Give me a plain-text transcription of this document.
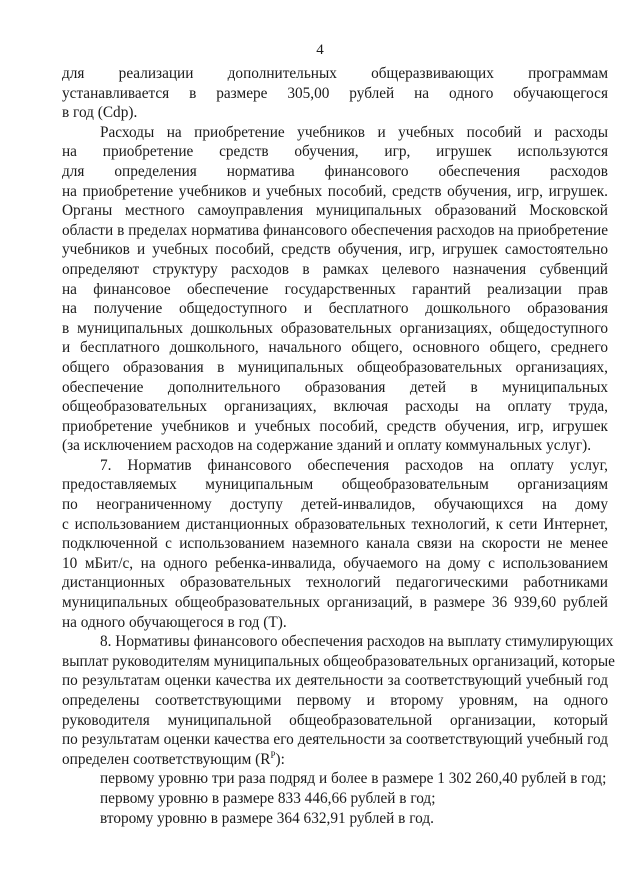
4
для реализации дополнительных общеразвивающих программам
устанавливается в размере 305,00 рублей на одного обучающегося
в год (Cdp).
Расходы на приобретение учебников и учебных пособий и расходы
на приобретение средств обучения, игр, игрушек используются
для определения норматива финансового обеспечения расходов
на приобретение учебников и учебных пособий, средств обучения, игр, игрушек.
Органы местного самоуправления муниципальных образований Московской
области в пределах норматива финансового обеспечения расходов на приобретение
учебников и учебных пособий, средств обучения, игр, игрушек самостоятельно
определяют структуру расходов в рамках целевого назначения субвенций
на финансовое обеспечение государственных гарантий реализации прав
на получение общедоступного и бесплатного дошкольного образования
в муниципальных дошкольных образовательных организациях, общедоступного
и бесплатного дошкольного, начального общего, основного общего, среднего
общего образования в муниципальных общеобразовательных организациях,
обеспечение дополнительного образования детей в муниципальных
общеобразовательных организациях, включая расходы на оплату труда,
приобретение учебников и учебных пособий, средств обучения, игр, игрушек
(за исключением расходов на содержание зданий и оплату коммунальных услуг).
7. Норматив финансового обеспечения расходов на оплату услуг,
предоставляемых муниципальным общеобразовательным организациям
по неограниченному доступу детей-инвалидов, обучающихся на дому
с использованием дистанционных образовательных технологий, к сети Интернет,
подключенной с использованием наземного канала связи на скорости не менее
10 мБит/с, на одного ребенка-инвалида, обучаемого на дому с использованием
дистанционных образовательных технологий педагогическими работниками
муниципальных общеобразовательных организаций, в размере 36 939,60 рублей
на одного обучающегося в год (Т).
8. Нормативы финансового обеспечения расходов на выплату стимулирующих
выплат руководителям муниципальных общеобразовательных организаций, которые
по результатам оценки качества их деятельности за соответствующий учебный год
определены соответствующими первому и второму уровням, на одного
руководителя муниципальной общеобразовательной организации, который
по результатам оценки качества его деятельности за соответствующий учебный год
определен соответствующим $(R^P)$:
первому уровню три раза подряд и более в размере 1 302 260,40 рублей в год;
первому уровню в размере 833 446,66 рублей в год;
второму уровню в размере 364 632,91 рублей в год.
